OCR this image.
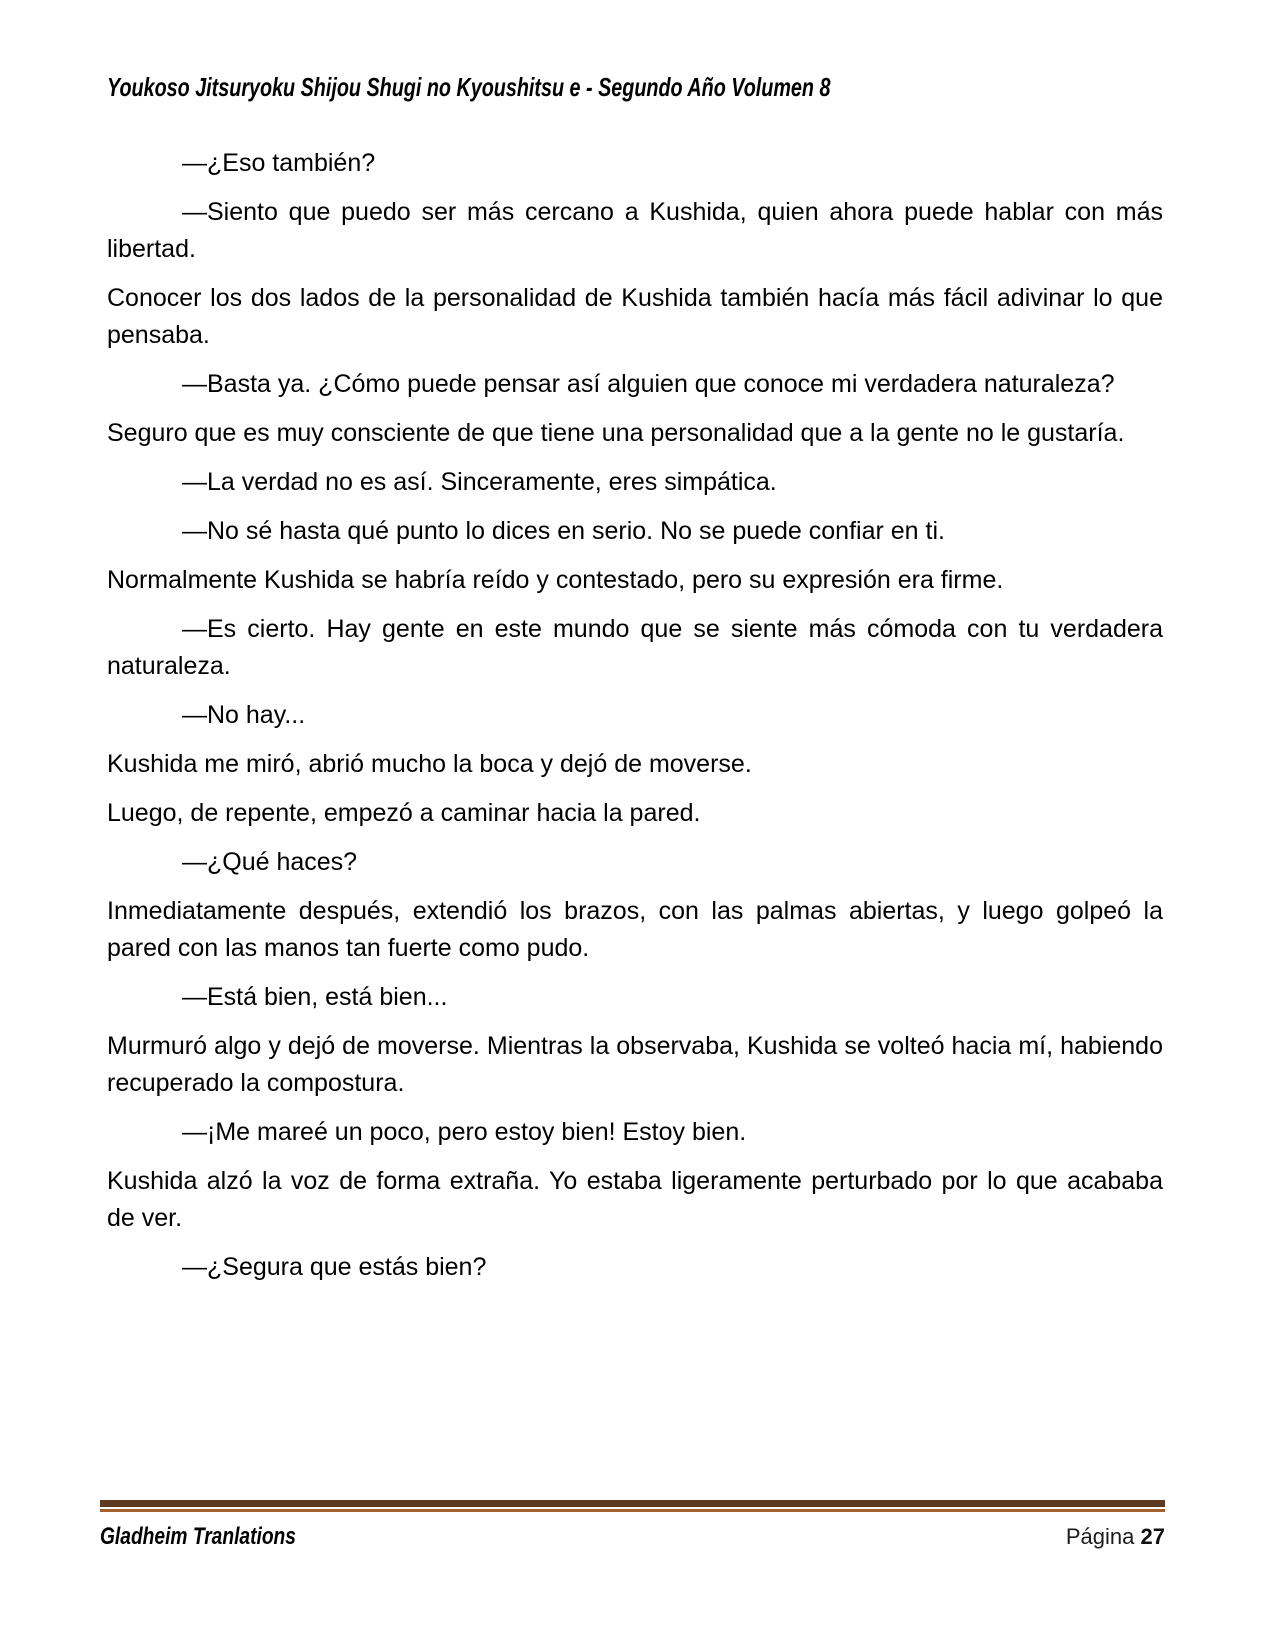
Youkoso Jitsuryoku Shijou Shugi no Kyoushitsu e - Segundo Año Volumen 8

—¿Eso también?

—Siento que puedo ser más cercano a Kushida, quien ahora puede hablar con más libertad.

Conocer los dos lados de la personalidad de Kushida también hacía más fácil adivinar lo que pensaba.

—Basta ya. ¿Cómo puede pensar así alguien que conoce mi verdadera naturaleza?

Seguro que es muy consciente de que tiene una personalidad que a la gente no le gustaría.

—La verdad no es así. Sinceramente, eres simpática.

—No sé hasta qué punto lo dices en serio. No se puede confiar en ti.

Normalmente Kushida se habría reído y contestado, pero su expresión era firme.

—Es cierto. Hay gente en este mundo que se siente más cómoda con tu verdadera naturaleza.

—No hay...

Kushida me miró, abrió mucho la boca y dejó de moverse.

Luego, de repente, empezó a caminar hacia la pared.

—¿Qué haces?

Inmediatamente después, extendió los brazos, con las palmas abiertas, y luego golpeó la pared con las manos tan fuerte como pudo.

—Está bien, está bien...

Murmuró algo y dejó de moverse. Mientras la observaba, Kushida se volteó hacia mí, habiendo recuperado la compostura.

—¡Me mareé un poco, pero estoy bien! Estoy bien.

Kushida alzó la voz de forma extraña. Yo estaba ligeramente perturbado por lo que acababa de ver.

—¿Segura que estás bien?

Gladheim Tranlations	Página 27
